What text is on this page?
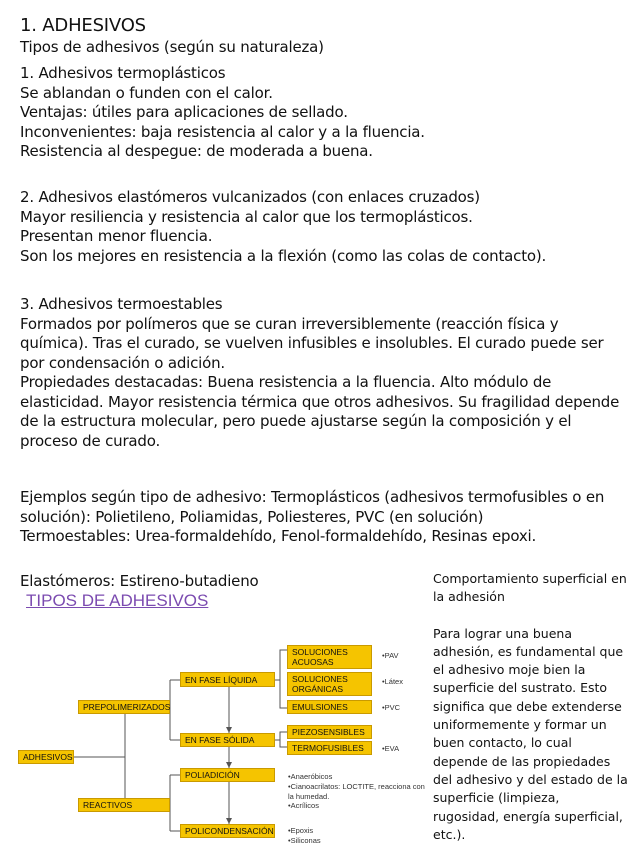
1. ADHESIVOS
Tipos de adhesivos (según su naturaleza)

1. Adhesivos termoplásticos

Se ablandan o funden con el calor.

Ventajas: útiles para aplicaciones de sellado.

Inconvenientes: baja resistencia al calor y a la fluencia.

Resistencia al despegue: de moderada a buena.

2. Adhesivos elastómeros vulcanizados (con enlaces cruzados)

Mayor resiliencia y resistencia al calor que los termoplásticos.

Presentan menor fluencia.

Son los mejores en resistencia a la flexión (como las colas de contacto).

3. Adhesivos termoestables

Formados por polímeros que se curan irreversiblemente (reacción física y química). Tras el curado, se vuelven infusibles e insolubles. El curado puede ser por condensación o adición.

Propiedades destacadas: Buena resistencia a la fluencia. Alto módulo de elasticidad. Mayor resistencia térmica que otros adhesivos. Su fragilidad depende de la estructura molecular, pero puede ajustarse según la composición y el proceso de curado.

Ejemplos según tipo de adhesivo: Termoplásticos (adhesivos termofusibles o en solución): Polietileno, Poliamidas, Poliesteres, PVC (en solución)

Termoestables: Urea-formaldehído, Fenol-formaldehído, Resinas epoxi.

Elastómeros: Estireno-butadieno
TIPOS DE ADHESIVOS

Comportamiento superficial en la adhesión

Para lograr una buena adhesión, es fundamental que el adhesivo moje bien la superficie del sustrato. Esto significa que debe extenderse uniformemente y formar un buen contacto, lo cual depende de las propiedades del adhesivo y del estado de la superficie (limpieza, rugosidad, energía superficial, etc.).

ADHESIVOS
PREPOLIMERIZADOS
REACTIVOS
EN FASE LÍQUIDA
EN FASE SÓLIDA
POLIADICIÓN
POLICONDENSACIÓN
SOLUCIONES ACUOSAS
SOLUCIONES ORGÁNICAS
EMULSIONES
PIEZOSENSIBLES
TERMOFUSIBLES
•PAV
•Látex
•PVC
•EVA
•Anaeróbicos
•Cianoacrilatos: LOCTITE, reacciona con la humedad.
•Acrílicos
•Epoxis
•Siliconas
